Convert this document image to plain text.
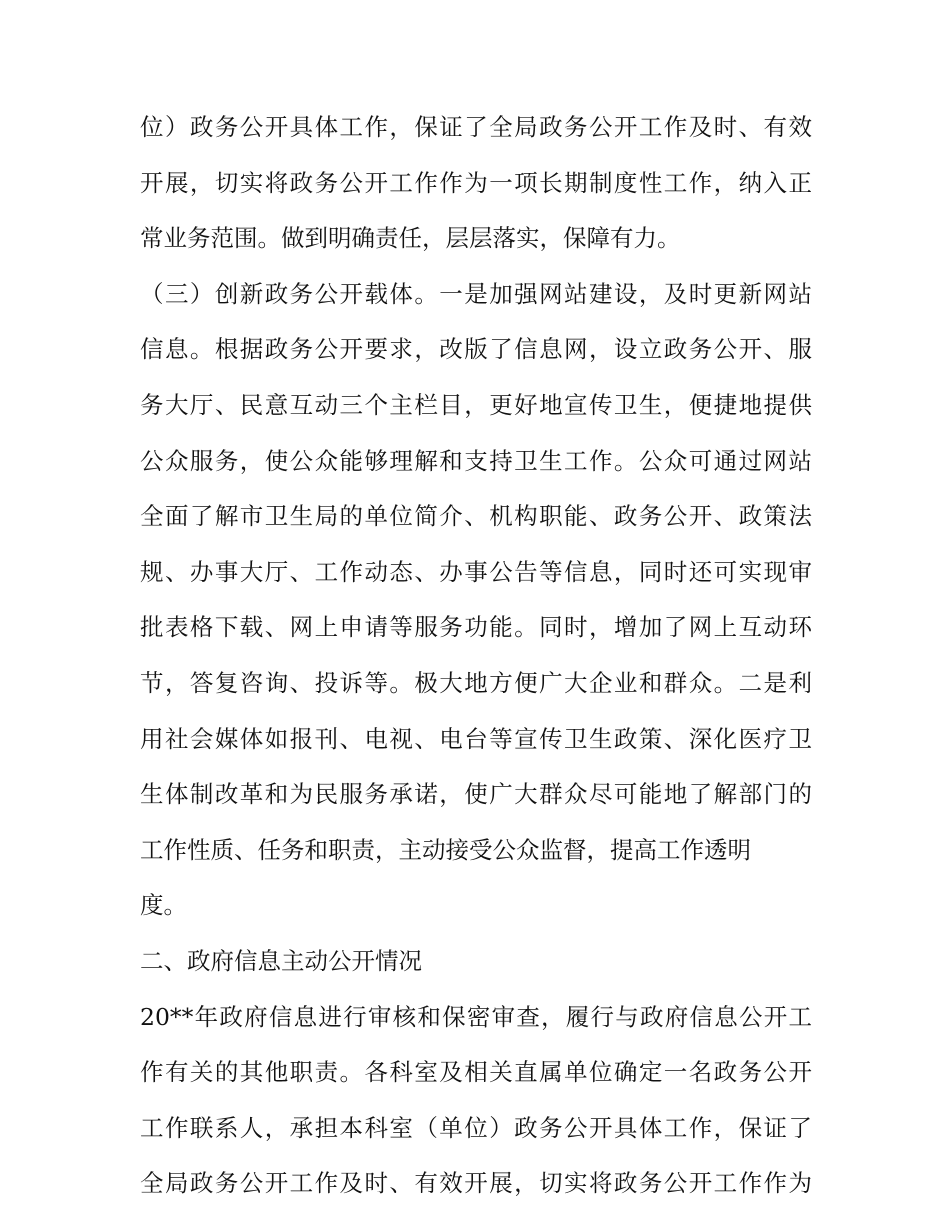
位）政务公开具体工作，保证了全局政务公开工作及时、有效
开展，切实将政务公开工作作为一项长期制度性工作，纳入正
常业务范围。做到明确责任，层层落实，保障有力。
（三）创新政务公开载体。一是加强网站建设，及时更新网站
信息。根据政务公开要求，改版了信息网，设立政务公开、服
务大厅、民意互动三个主栏目，更好地宣传卫生，便捷地提供
公众服务，使公众能够理解和支持卫生工作。公众可通过网站
全面了解市卫生局的单位简介、机构职能、政务公开、政策法
规、办事大厅、工作动态、办事公告等信息，同时还可实现审
批表格下载、网上申请等服务功能。同时，增加了网上互动环
节，答复咨询、投诉等。极大地方便广大企业和群众。二是利
用社会媒体如报刊、电视、电台等宣传卫生政策、深化医疗卫
生体制改革和为民服务承诺，使广大群众尽可能地了解部门的
工作性质、任务和职责，主动接受公众监督，提高工作透明
度。
二、政府信息主动公开情况
20**年政府信息进行审核和保密审查，履行与政府信息公开工
作有关的其他职责。各科室及相关直属单位确定一名政务公开
工作联系人，承担本科室（单位）政务公开具体工作，保证了
全局政务公开工作及时、有效开展，切实将政务公开工作作为
